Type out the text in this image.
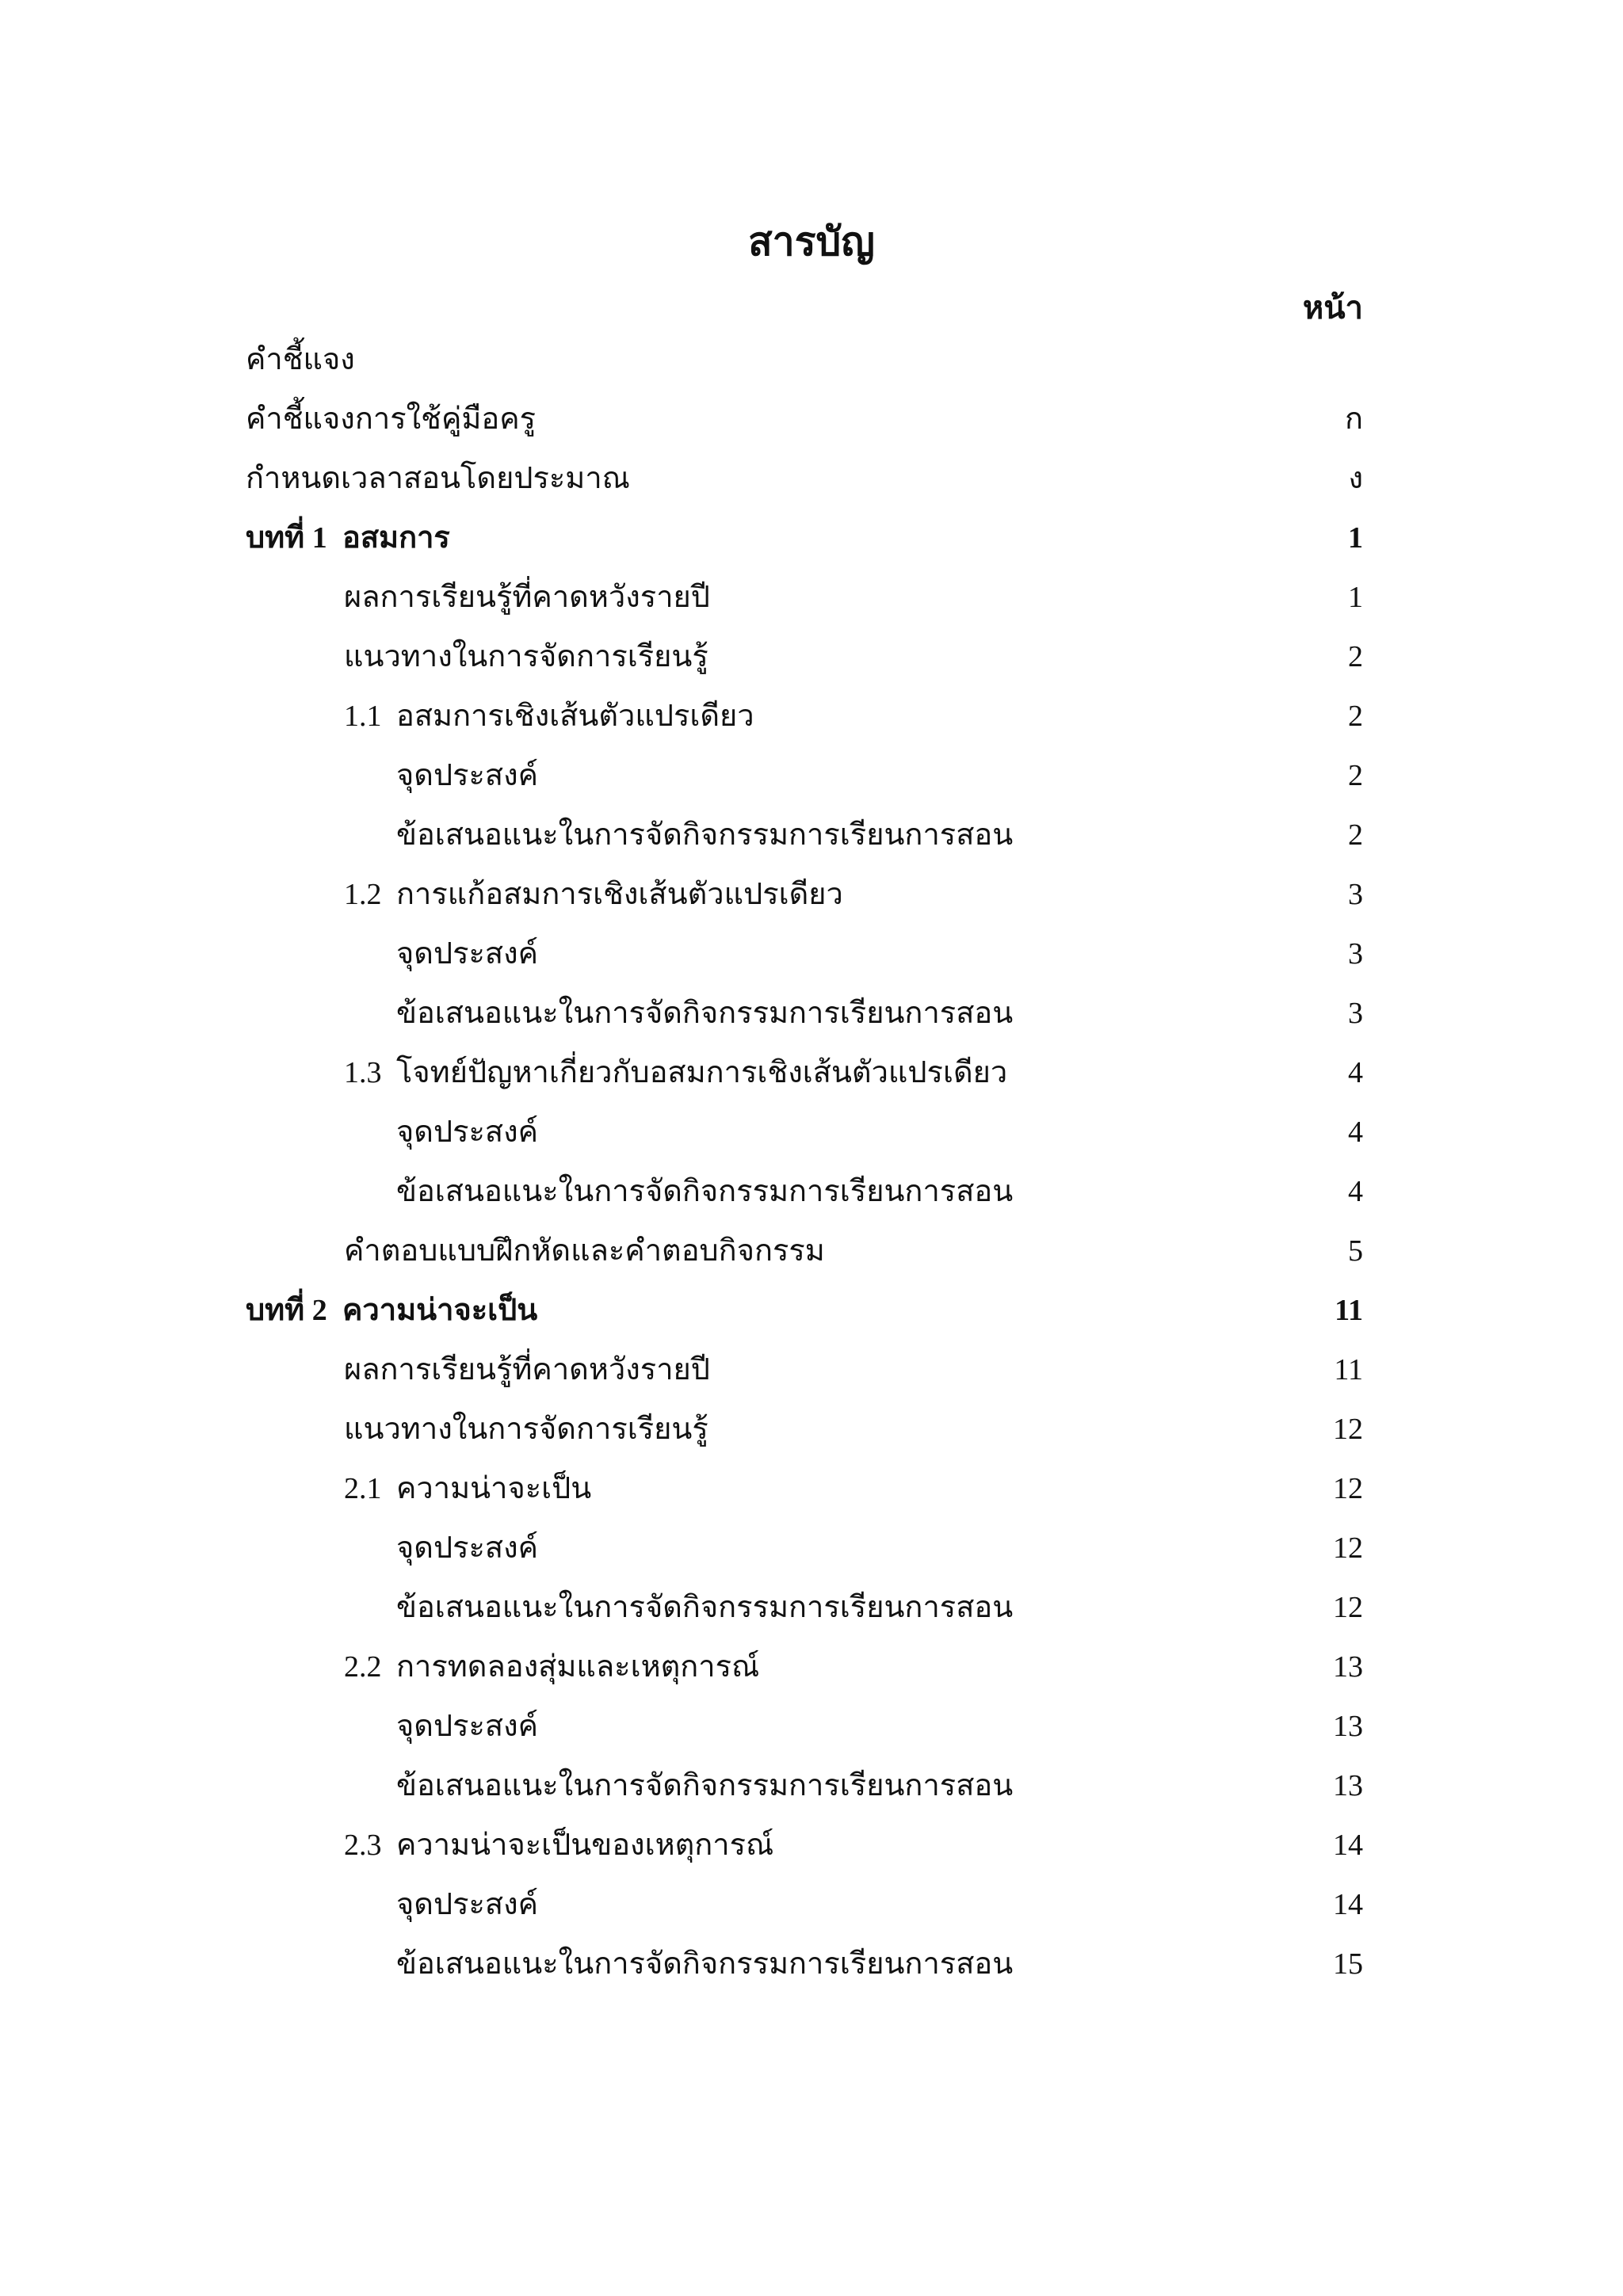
สารบัญ
หน้า
คำชี้แจง
คำชี้แจงการใช้คู่มือครู	ก
กำหนดเวลาสอนโดยประมาณ	ง
บทที่ 1 อสมการ	1
ผลการเรียนรู้ที่คาดหวังรายปี	1
แนวทางในการจัดการเรียนรู้	2
1.1 อสมการเชิงเส้นตัวแปรเดียว	2
จุดประสงค์	2
ข้อเสนอแนะในการจัดกิจกรรมการเรียนการสอน	2
1.2 การแก้อสมการเชิงเส้นตัวแปรเดียว	3
จุดประสงค์	3
ข้อเสนอแนะในการจัดกิจกรรมการเรียนการสอน	3
1.3 โจทย์ปัญหาเกี่ยวกับอสมการเชิงเส้นตัวแปรเดียว	4
จุดประสงค์	4
ข้อเสนอแนะในการจัดกิจกรรมการเรียนการสอน	4
คำตอบแบบฝึกหัดและคำตอบกิจกรรม	5
บทที่ 2 ความน่าจะเป็น	11
ผลการเรียนรู้ที่คาดหวังรายปี	11
แนวทางในการจัดการเรียนรู้	12
2.1 ความน่าจะเป็น	12
จุดประสงค์	12
ข้อเสนอแนะในการจัดกิจกรรมการเรียนการสอน	12
2.2 การทดลองสุ่มและเหตุการณ์	13
จุดประสงค์	13
ข้อเสนอแนะในการจัดกิจกรรมการเรียนการสอน	13
2.3 ความน่าจะเป็นของเหตุการณ์	14
จุดประสงค์	14
ข้อเสนอแนะในการจัดกิจกรรมการเรียนการสอน	15
